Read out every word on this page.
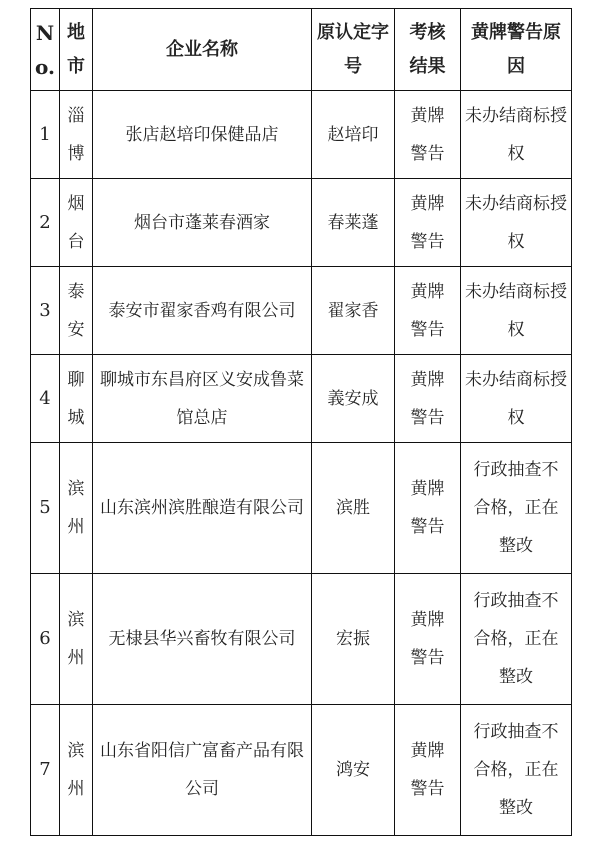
No.	地市	企业名称	原认定字号	考核结果	黄牌警告原因

1	淄博	张店赵培印保健品店	赵培印	黄牌警告	未办结商标授权

2	烟台	烟台市蓬莱春酒家	春莱蓬	黄牌警告	未办结商标授权

3	泰安	泰安市翟家香鸡有限公司	翟家香	黄牌警告	未办结商标授权

4	聊城	聊城市东昌府区义安成鲁菜馆总店	義安成	黄牌警告	未办结商标授权

5	滨州	山东滨州滨胜酿造有限公司	滨胜	黄牌警告	行政抽查不合格，正在整改

6	滨州	无棣县华兴畜牧有限公司	宏振	黄牌警告	行政抽查不合格，正在整改

7	滨州	山东省阳信广富畜产品有限公司	鸿安	黄牌警告	行政抽查不合格，正在整改
